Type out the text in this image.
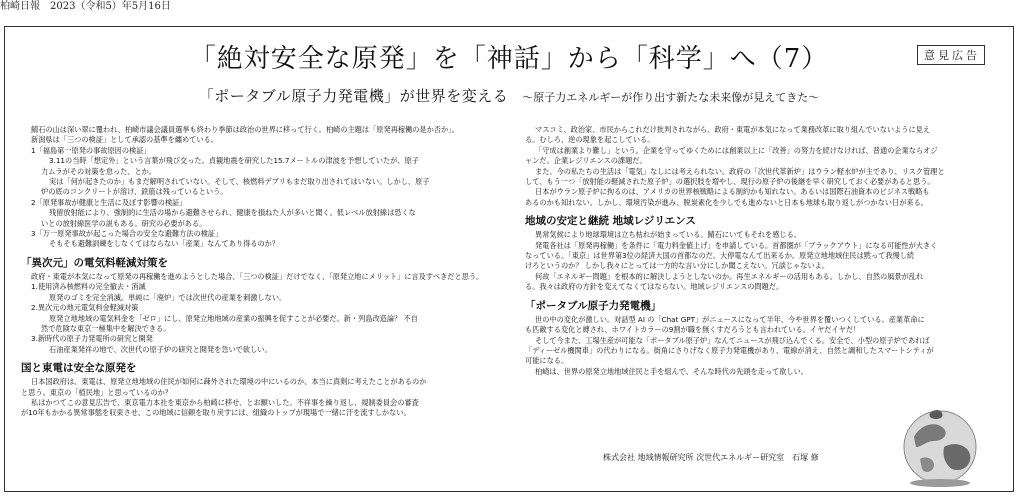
柏崎日報 2023（令和5）年5月16日
意見広告
「絶対安全な原発」を「神話」から「科学」へ（7）
「ポータブル原子力発電機」が世界を変える ～原子力エネルギーが作り出す新たな未来像が見えてきた～

鯖石の山は深い翠に覆われ、柏崎市議会議員選挙も終わり季節は政治の世界に移って行く。柏崎の主題は「原発再稼働の是か否か」。

新潟県は「三つの検証」として承認の基準を纏めている。

1「福島第一原発の事故原因の検証」

3.11の当時「想定外」という言葉が飛び交った。貞観地震を研究した15.7メートルの津波を予想していたが、原子

力ムラがその対策を怠った、とか。

実は「何が起きたのか」もまだ解明されていない。そして、核燃料デブリもまだ取り出されてはいない。しかし、原子

炉の底のコンクリートが溶け、鉄筋は残っているという。

2「原発事故が健康と生活に及ぼす影響の検証」

残留放射能により、強制的に生活の場から避難させられ、健康を損ねた人が多いと聞く。低レベル放射線は恐くな

いとの放射線医学の説もある。研究の必要がある。

3「万一原発事故が起こった場合の安全な避難方法の検証」

そもそも避難訓練をしなくてはならない「産業」なんてあり得るのか？

「異次元」の電気料軽減対策を

政府・東電が本気になって原発の再稼働を進めようとした場合、「三つの検証」だけでなく、「原発立地にメリット」に言及すべきだと思う。

1.使用済み核燃料の完全撤去・消滅

原発のゴミを完全消滅。単純に「廃炉」では次世代の産業を刺激しない。

2.異次元の地元電気料金軽減対策

原発立地地域の電気料金を「ゼロ」にし、原発立地地域の産業の振興を促すことが必要だ。新・列島改造論？ 不自

然で危険な東京一極集中を解決できる。

3.新時代の原子力発電所の研究と開発

石油産業発祥の地で、次世代の原子炉の研究と開発を急いで欲しい。

国と東電は安全な原発を

日本国政府は、東電は、原発立地地域の住民が如何に疎外された環境の中にいるのか、本当に真剣に考えたことがあるのか

と思う。東京の「植民地」と思っているのか？

私はかつてこの意見広告で、東京電力本社を東京から柏崎に移せ、とお願いした。不祥事を繰り返し、規制委員会の審査

が10年もかかる異常事態を収束させ、この地域に信頼を取り戻すには、組織のトップが現場で一緒に汗を流すしかない。

マスコミ、政治家、市民からこれだけ批判されながら、政府・東電が本気になって業務改革に取り組んでいないように見え

る。むしろ、逆の現象を起こしている。

「守成は創業より難し」という。企業を守ってゆくためには創業以上に「改善」の努力を続けなければ、普通の企業ならオジ

ャンだ。企業レジリエンスの課題だ。

また、今の私たちの生活は「電気」なしには考えられない。政府の「次世代革新炉」はウラン軽水炉が主であり、リスク管理と

して、もう一つ「放射能の軽減された原子炉」の選択肢を増やし、現行の原子炉の後継を早く研究しておく必要があると思う。

日本がウラン原子炉に拘るのは、アメリカの世界核戦略による制約かも知れない。あるいは国際石油資本のビジネス戦略も

あるのかも知れない。しかし、環境汚染が進み、脱炭素化を少しでも進めないと日本も地球も取り返しがつかない日が来る。

地域の安定と継続 地域レジリエンス

異常気候により地球環境は立ち枯れが始まっている。鯖石にいてもそれを感じる。

発電各社は「原発再稼働」を条件に「電力料金値上げ」を申請している。首都圏が「ブラックアウト」になる可能性が大きく

なっている。「東京」は世界第3位の経済大国の首都なのだ。大停電なんて出来るか。原発立地地域住民は黙って我慢し続

けろというのか？ しかし我々にとっては一方的な言い分にしか聞こえない。冗談じゃないよ。

何故「エネルギー問題」を根本的に解決しようとしないのか。再生エネルギーの活用もある。しかし、自然の風景が乱れ

る。我々は政府の方針を変えてなくてはならない。地域レジリエンスの問題だ。

「ポータブル原子力発電機」

世の中の変化が激しい。対話型 AI の「Chat GPT」がニュースになって半年、今や世界を覆いつくしている。産業革命に

も匹敵する変化と縛され、ホワイトカラーの9割が職を無くすだろうとも言われている。イヤだイヤだ！

そして今また、工場生産が可能な「ポータブル原子炉」なんてニュースが飛び込んでくる。安全で、小型の原子炉であれば

「ディーゼル機関車」の代わりになる。街角にさりげなく原子力発電機があり、電線が消え、自然と調和したスマートシティが

可能になる。

柏崎は、世界の原発立地地域住民と手を組んで、そんな時代の先頭を走って欲しい。

株式会社 地域情報研究所 次世代エネルギー研究室　石塚 修
